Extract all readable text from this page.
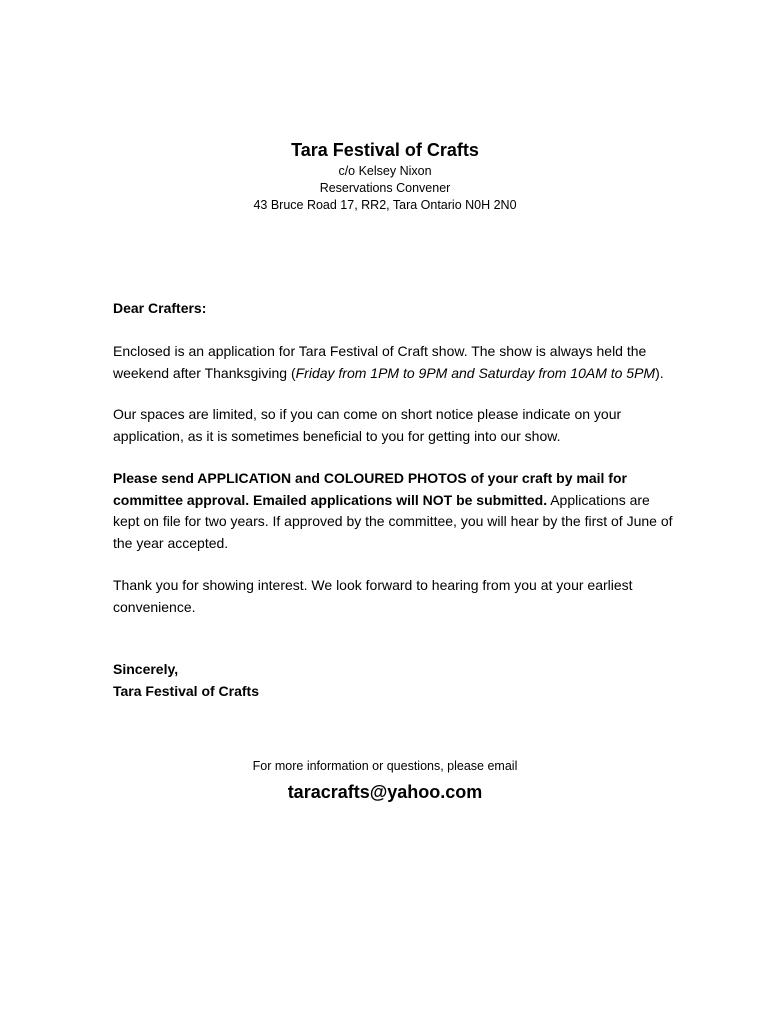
Tara Festival of Crafts

c/o Kelsey Nixon

Reservations Convener

43 Bruce Road 17, RR2, Tara Ontario N0H 2N0

Dear Crafters:

Enclosed is an application for Tara Festival of Craft show. The show is always held the weekend after Thanksgiving (Friday from 1PM to 9PM and Saturday from 10AM to 5PM).

Our spaces are limited, so if you can come on short notice please indicate on your application, as it is sometimes beneficial to you for getting into our show.

Please send APPLICATION and COLOURED PHOTOS of your craft by mail for committee approval. Emailed applications will NOT be submitted. Applications are kept on file for two years. If approved by the committee, you will hear by the first of June of the year accepted.

Thank you for showing interest. We look forward to hearing from you at your earliest convenience.

Sincerely,

Tara Festival of Crafts

For more information or questions, please email
taracrafts@yahoo.com
